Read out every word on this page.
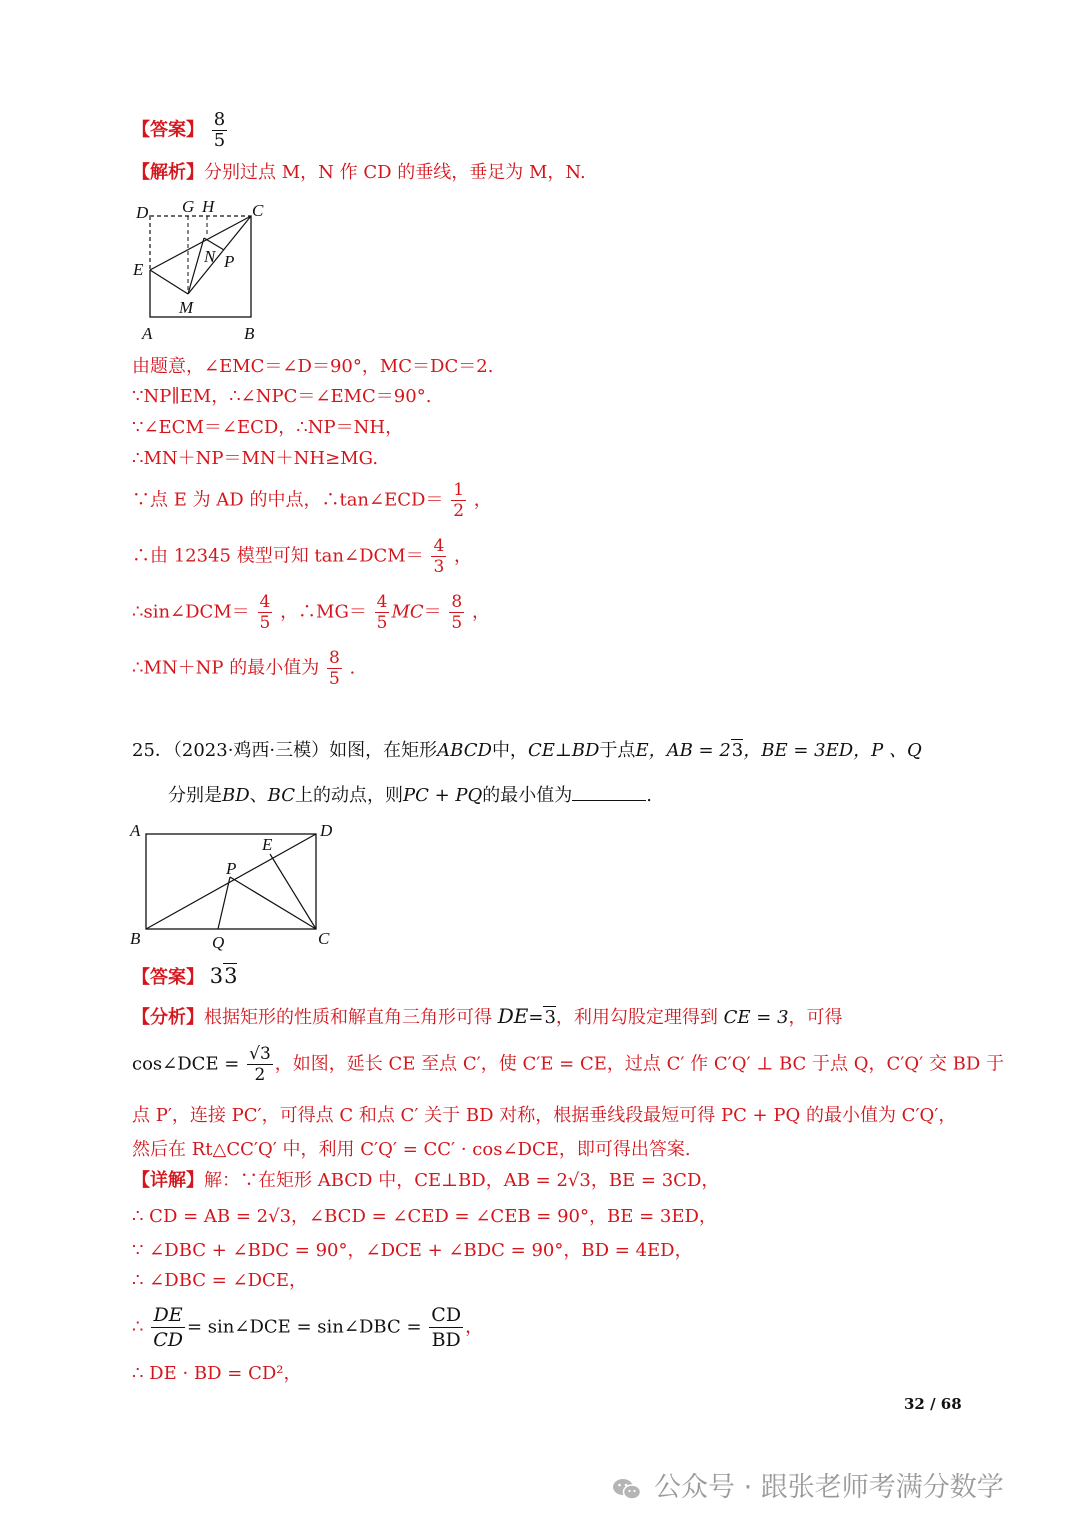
【答案】 $\frac{8}{5}$
【解析】分别过点 M，N 作 CD 的垂线，垂足为 M，N.
D G H C
E
N P
M
A	B
由题意，∠EMC＝∠D＝90°，MC＝DC＝2.
∵NP∥EM，∴∠NPC＝∠EMC＝90°.
∵∠ECM＝∠ECD，∴NP＝NH，
∴MN＋NP＝MN＋NH≥MG.
∵点 E 为 AD 的中点，∴tan∠ECD＝ $\frac{1}{2}$ ，
∴由 12345 模型可知 tan∠DCM＝ $\frac{4}{3}$ ，
∴sin∠DCM＝ $\frac{4}{5}$ ，∴MG＝ $\frac{4}{5} MC= \frac{8}{5}$ ，
∴MN＋NP 的最小值为 $\frac{8}{5}$ .
25．（2023·鸡西·三模）如图，在矩形ABCD中，CE⊥BD于点E，AB = 23，BE = 3ED，P 、Q
分别是BD、BC上的动点，则PC + PQ的最小值为	.
A	D
E
P
B	Q	C
【答案】 33
【分析】根据矩形的性质和解直角三角形可得 DE=3，利用勾股定理得到 CE = 3，可得
cos∠DCE = $\frac{√3}{2}$ ，如图，延长 CE 至点 C′，使 C′E = CE，过点 C′ 作 C′Q′ ⊥ BC 于点 Q，C′Q′ 交 BD 于
点 P′，连接 PC′，可得点 C 和点 C′ 关于 BD 对称，根据垂线段最短可得 PC + PQ 的最小值为 C′Q′，
然后在 Rt△CC′Q′ 中，利用 C′Q′ = CC′ · cos∠DCE，即可得出答案.
【详解】解：∵在矩形 ABCD 中，CE⊥BD，AB = 2√3，BE = 3CD，
∴ CD = AB = 2√3，∠BCD = ∠CED = ∠CEB = 90°，BE = 3ED，
∵ ∠DBC + ∠BDC = 90°，∠DCE + ∠BDC = 90°，BD = 4ED，
∴ ∠DBC = ∠DCE，
∴ $\frac{DE}{CD}$ = sin∠DCE = sin∠DBC = $\frac{CD}{BD}$ ，
∴ DE · BD = CD²，
32 / 68
公众号 · 跟张老师考满分数学
